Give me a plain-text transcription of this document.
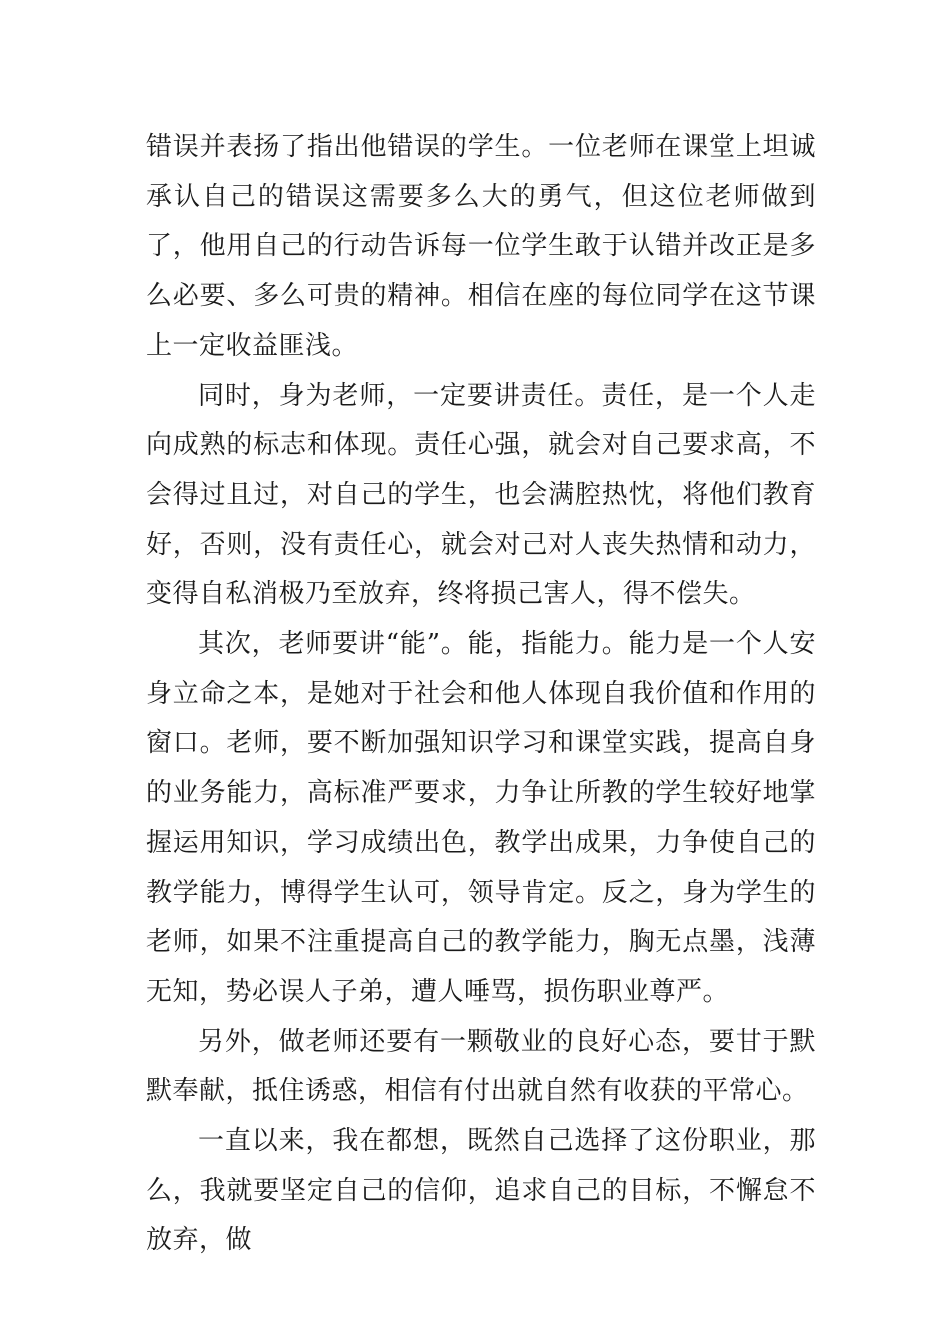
错误并表扬了指出他错误的学生。一位老师在课堂上坦诚承认自己的错误这需要多么大的勇气，但这位老师做到了，他用自己的行动告诉每一位学生敢于认错并改正是多么必要、多么可贵的精神。相信在座的每位同学在这节课上一定收益匪浅。

同时，身为老师，一定要讲责任。责任，是一个人走向成熟的标志和体现。责任心强，就会对自己要求高，不会得过且过，对自己的学生，也会满腔热忱，将他们教育好，否则，没有责任心，就会对己对人丧失热情和动力，变得自私消极乃至放弃，终将损己害人，得不偿失。

其次，老师要讲“能”。能，指能力。能力是一个人安身立命之本，是她对于社会和他人体现自我价值和作用的窗口。老师，要不断加强知识学习和课堂实践，提高自身的业务能力，高标准严要求，力争让所教的学生较好地掌握运用知识，学习成绩出色，教学出成果，力争使自己的教学能力，博得学生认可，领导肯定。反之，身为学生的老师，如果不注重提高自己的教学能力，胸无点墨，浅薄无知，势必误人子弟，遭人唾骂，损伤职业尊严。

另外，做老师还要有一颗敬业的良好心态，要甘于默默奉献，抵住诱惑，相信有付出就自然有收获的平常心。

一直以来，我在都想，既然自己选择了这份职业，那么，我就要坚定自己的信仰，追求自己的目标，不懈怠不放弃，做
